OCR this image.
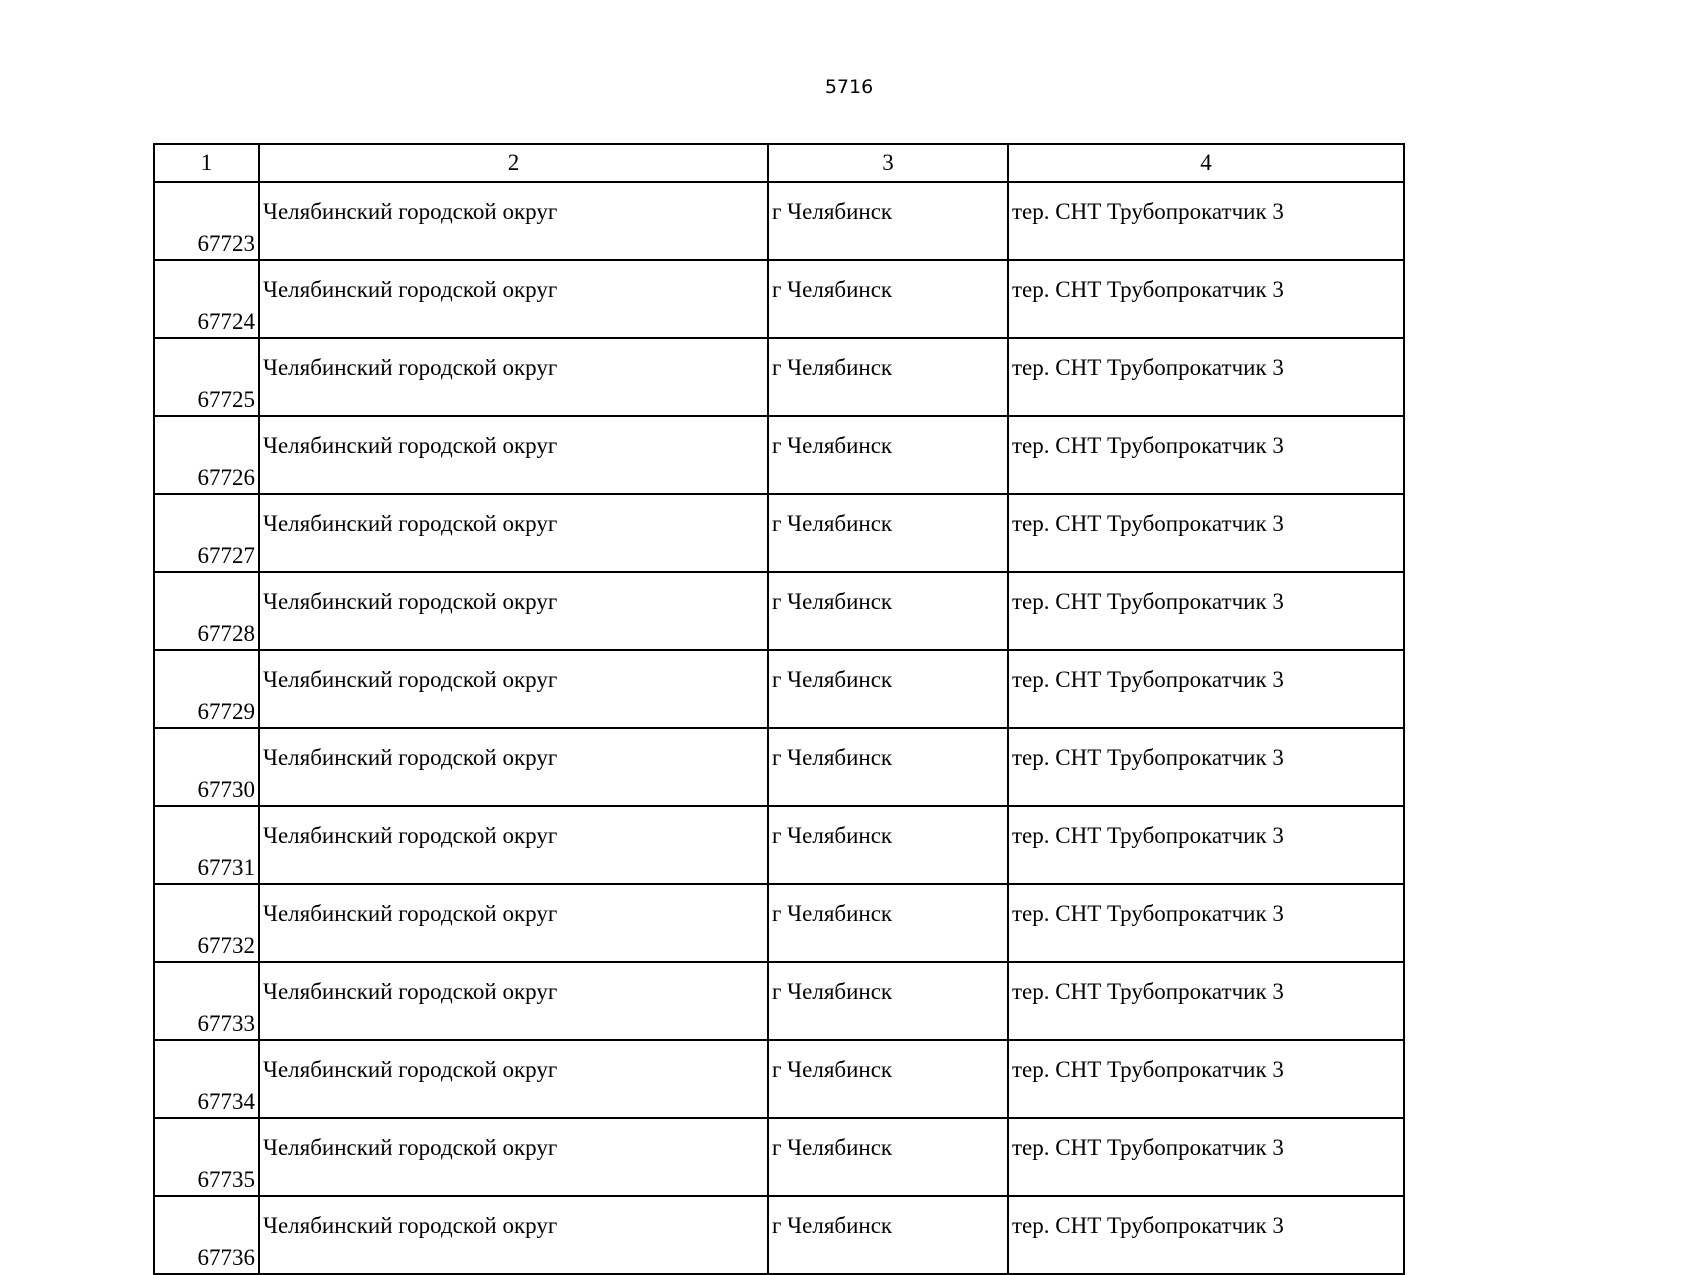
5716
1	2	3	4
67723	Челябинский городской округ	г Челябинск	тер. СНТ Трубопрокатчик 3
67724	Челябинский городской округ	г Челябинск	тер. СНТ Трубопрокатчик 3
67725	Челябинский городской округ	г Челябинск	тер. СНТ Трубопрокатчик 3
67726	Челябинский городской округ	г Челябинск	тер. СНТ Трубопрокатчик 3
67727	Челябинский городской округ	г Челябинск	тер. СНТ Трубопрокатчик 3
67728	Челябинский городской округ	г Челябинск	тер. СНТ Трубопрокатчик 3
67729	Челябинский городской округ	г Челябинск	тер. СНТ Трубопрокатчик 3
67730	Челябинский городской округ	г Челябинск	тер. СНТ Трубопрокатчик 3
67731	Челябинский городской округ	г Челябинск	тер. СНТ Трубопрокатчик 3
67732	Челябинский городской округ	г Челябинск	тер. СНТ Трубопрокатчик 3
67733	Челябинский городской округ	г Челябинск	тер. СНТ Трубопрокатчик 3
67734	Челябинский городской округ	г Челябинск	тер. СНТ Трубопрокатчик 3
67735	Челябинский городской округ	г Челябинск	тер. СНТ Трубопрокатчик 3
67736	Челябинский городской округ	г Челябинск	тер. СНТ Трубопрокатчик 3
